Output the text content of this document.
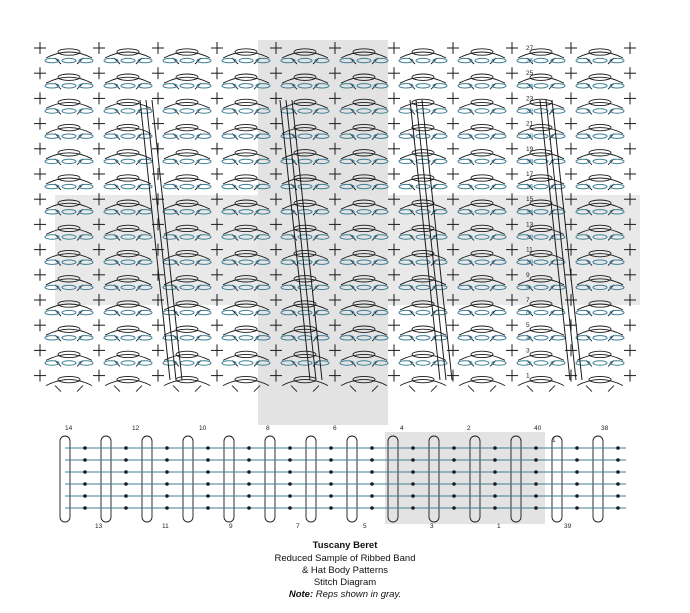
27
25
23
21
19
17
15
13
11
9
7
5
3
1
26
24
22
20
18
16
14
12
10
8
6
4
2
14	12	10	8	6	4	2	40	38
1
13	11	9	7	5	3	1	39
Tuscany Beret
Reduced Sample of Ribbed Band
& Hat Body Patterns
Stitch Diagram
Note: Reps shown in gray.
